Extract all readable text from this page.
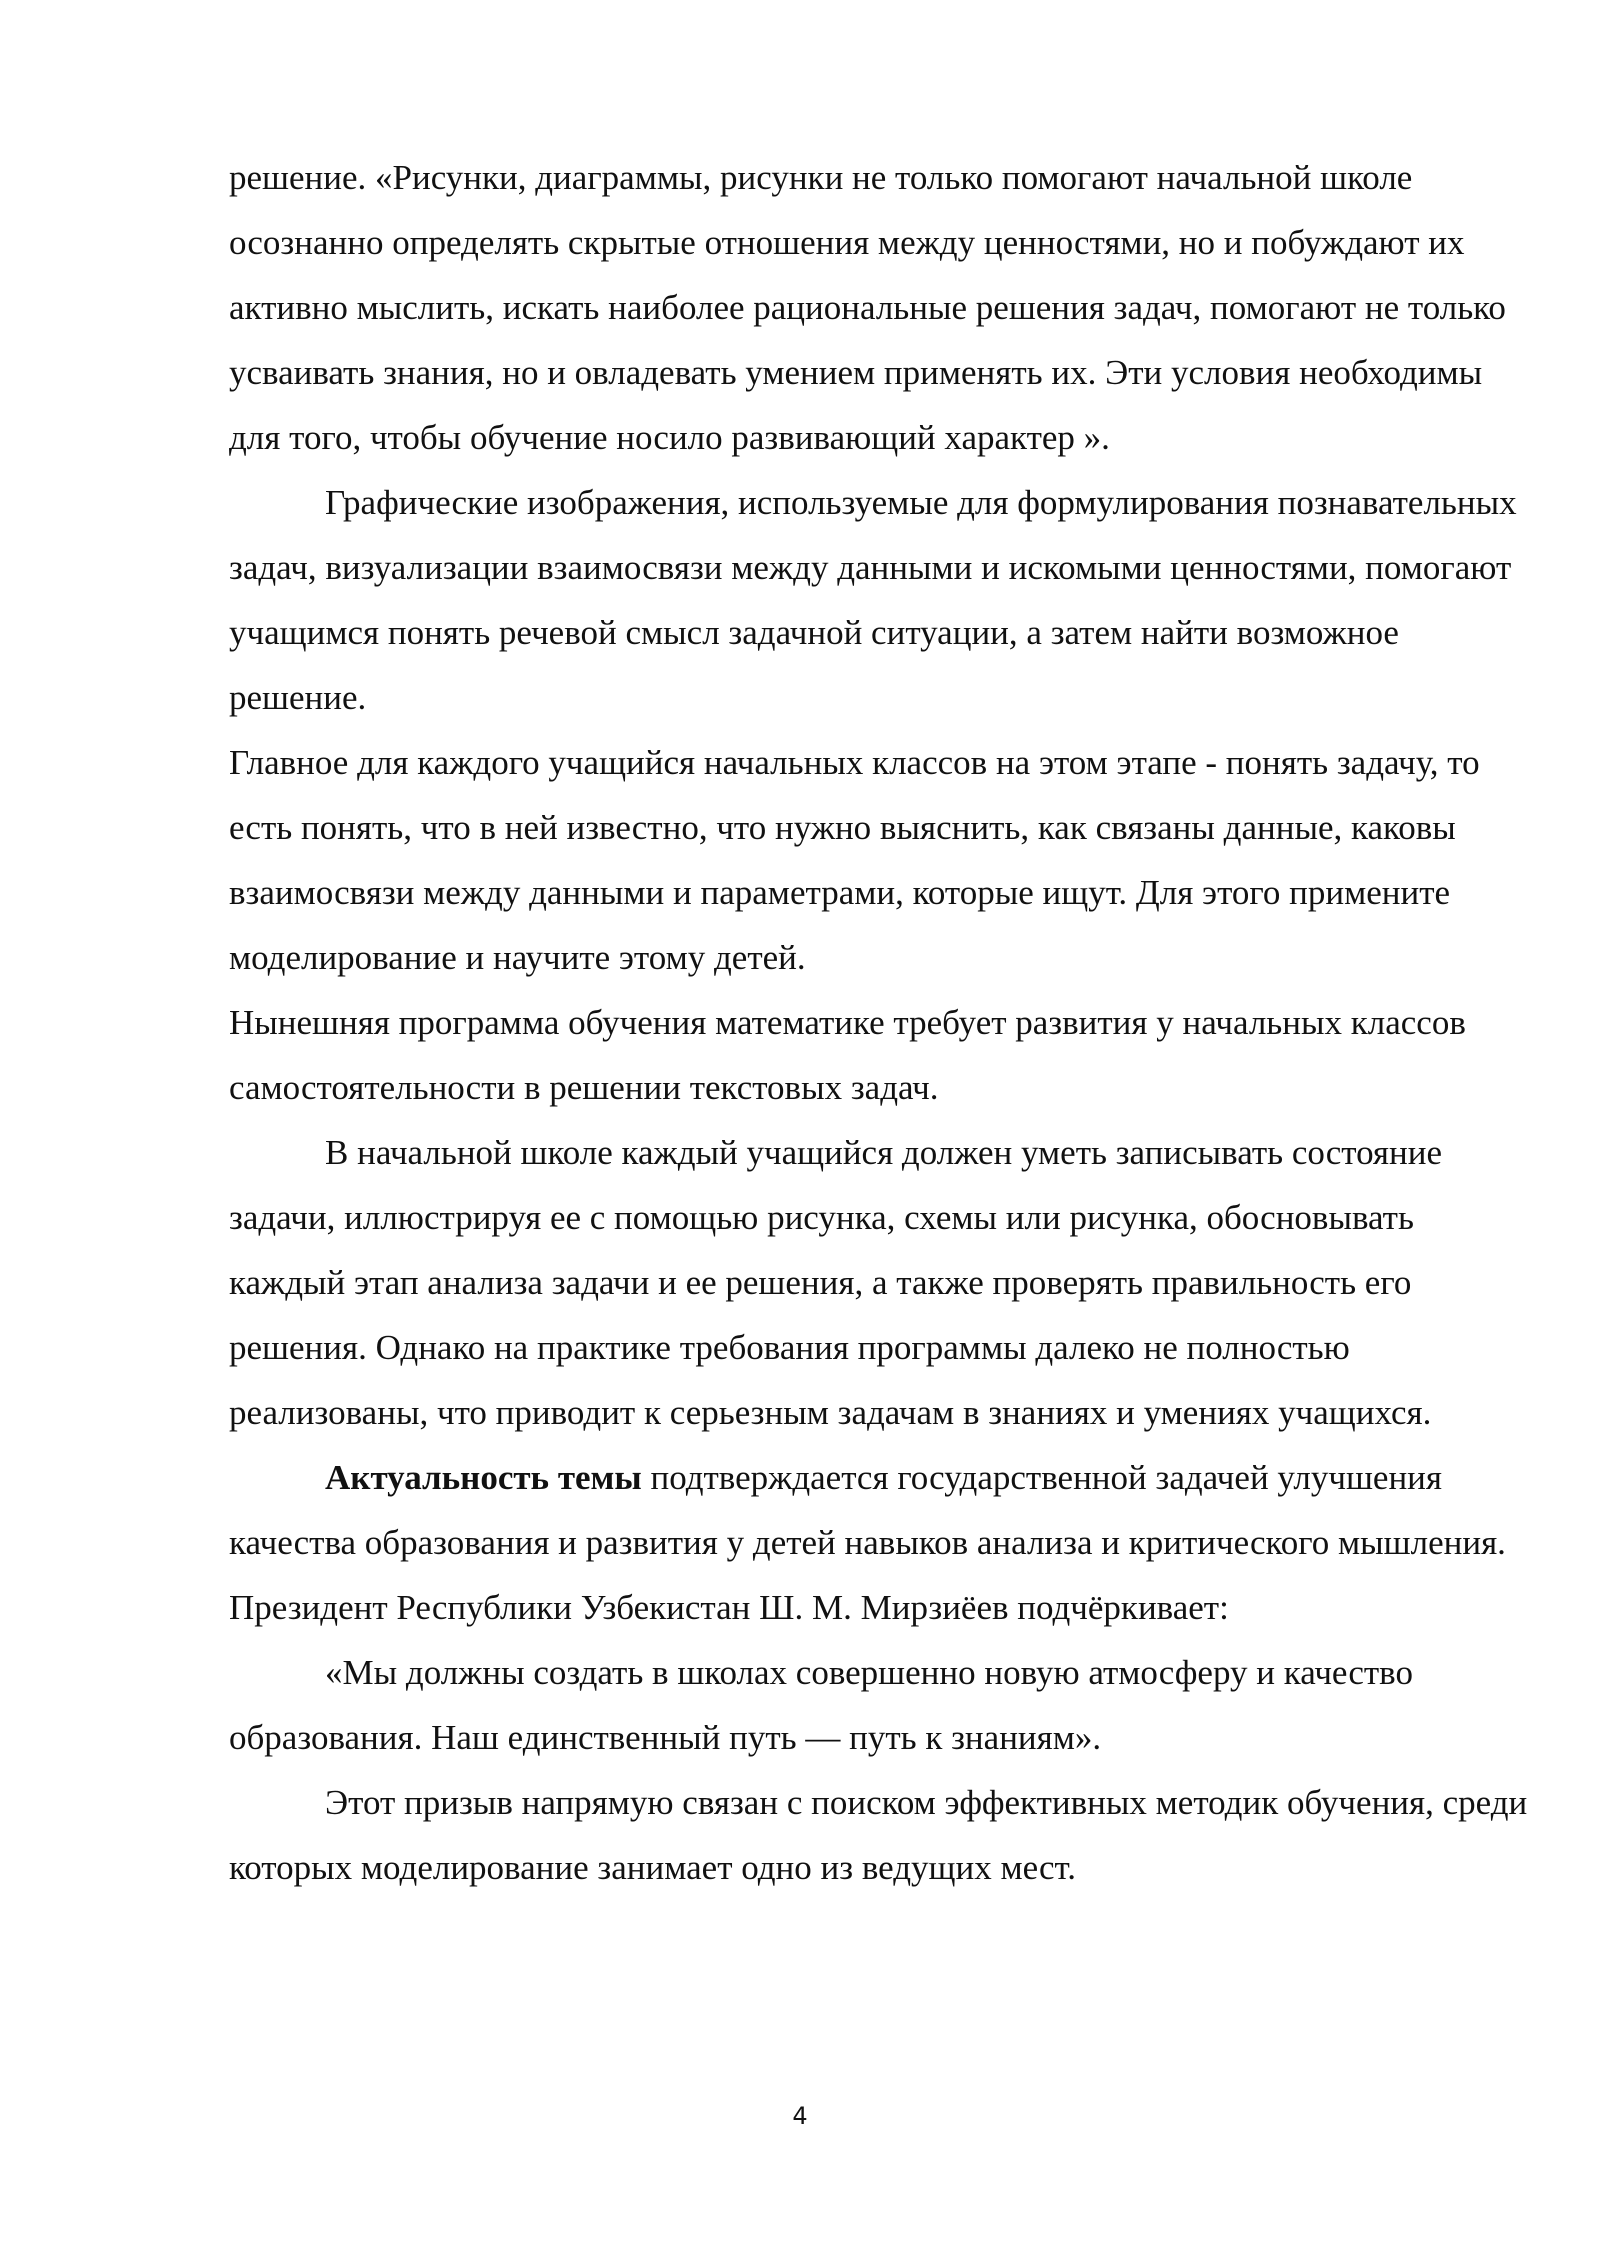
решение. «Рисунки, диаграммы, рисунки не только помогают начальной школе осознанно определять скрытые отношения между ценностями, но и побуждают их активно мыслить, искать наиболее рациональные решения задач, помогают не только усваивать знания, но и овладевать умением применять их. Эти условия необходимы для того, чтобы обучение носило развивающий характер ».

Графические изображения, используемые для формулирования познавательных задач, визуализации взаимосвязи между данными и искомыми ценностями, помогают учащимся понять речевой смысл задачной ситуации, а затем найти возможное решение.

Главное для каждого учащийся начальных классов на этом этапе - понять задачу, то есть понять, что в ней известно, что нужно выяснить, как связаны данные, каковы взаимосвязи между данными и параметрами, которые ищут. Для этого примените моделирование и научите этому детей.

Нынешняя программа обучения математике требует развития у начальных классов самостоятельности в решении текстовых задач.

В начальной школе каждый учащийся должен уметь записывать состояние задачи, иллюстрируя ее с помощью рисунка, схемы или рисунка, обосновывать каждый этап анализа задачи и ее решения, а также проверять правильность его решения. Однако на практике требования программы далеко не полностью реализованы, что приводит к серьезным задачам в знаниях и умениях учащихся.

Актуальность темы подтверждается государственной задачей улучшения качества образования и развития у детей навыков анализа и критического мышления. Президент Республики Узбекистан Ш. М. Мирзиёев подчёркивает:

«Мы должны создать в школах совершенно новую атмосферу и качество образования. Наш единственный путь — путь к знаниям».

Этот призыв напрямую связан с поиском эффективных методик обучения, среди которых моделирование занимает одно из ведущих мест.

4
